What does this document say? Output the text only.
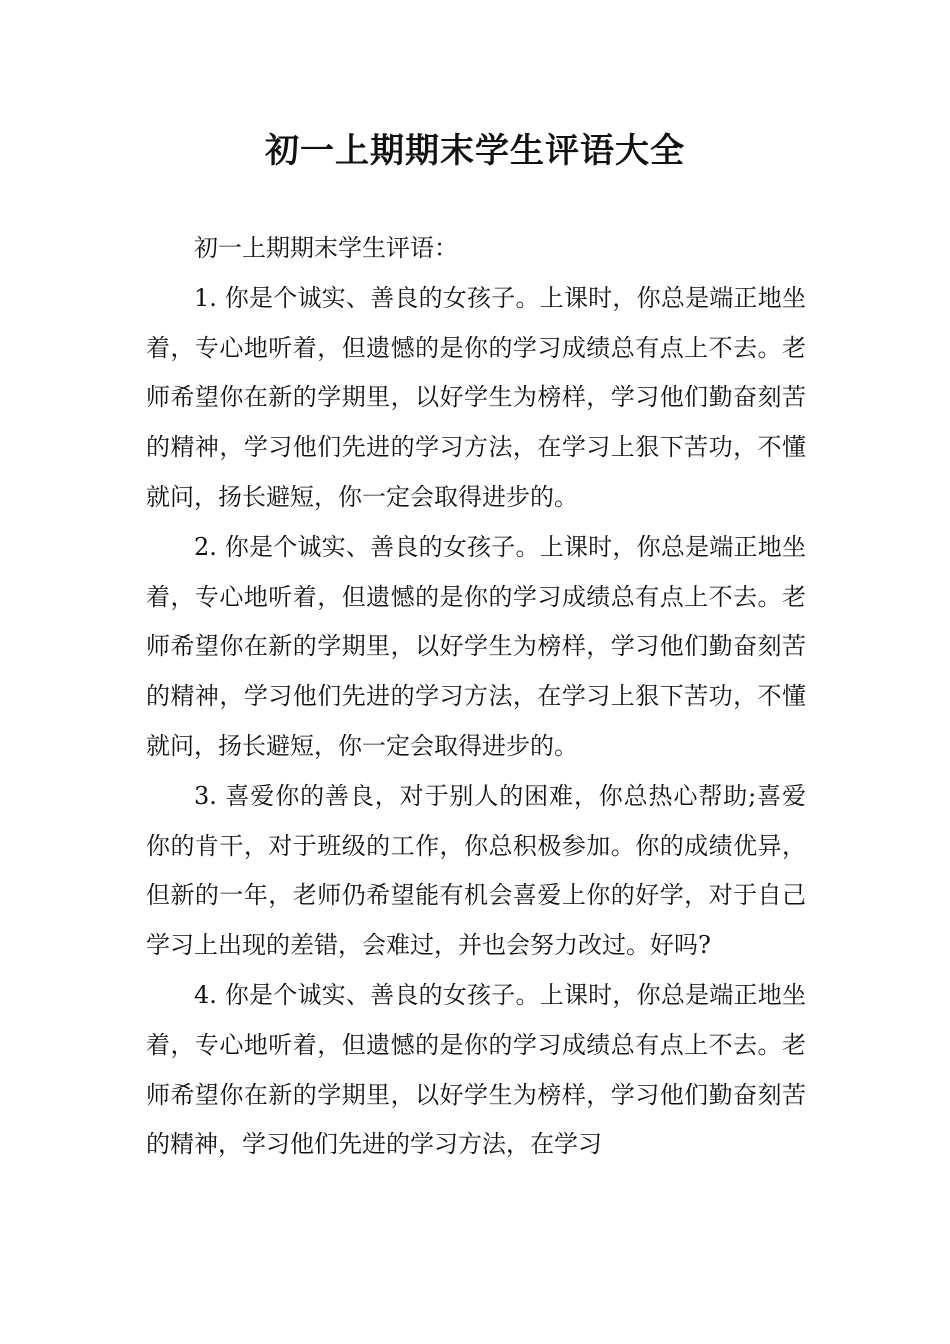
初一上期期末学生评语大全

初一上期期末学生评语：

1. 你是个诚实、善良的女孩子。上课时，你总是端正地坐着，专心地听着，但遗憾的是你的学习成绩总有点上不去。老师希望你在新的学期里，以好学生为榜样，学习他们勤奋刻苦的精神，学习他们先进的学习方法，在学习上狠下苦功，不懂就问，扬长避短，你一定会取得进步的。

2. 你是个诚实、善良的女孩子。上课时，你总是端正地坐着，专心地听着，但遗憾的是你的学习成绩总有点上不去。老师希望你在新的学期里，以好学生为榜样，学习他们勤奋刻苦的精神，学习他们先进的学习方法，在学习上狠下苦功，不懂就问，扬长避短，你一定会取得进步的。

3. 喜爱你的善良，对于别人的困难，你总热心帮助;喜爱你的肯干，对于班级的工作，你总积极参加。你的成绩优异，但新的一年，老师仍希望能有机会喜爱上你的好学，对于自己学习上出现的差错，会难过，并也会努力改过。好吗?

4. 你是个诚实、善良的女孩子。上课时，你总是端正地坐着，专心地听着，但遗憾的是你的学习成绩总有点上不去。老师希望你在新的学期里，以好学生为榜样，学习他们勤奋刻苦的精神，学习他们先进的学习方法，在学习
